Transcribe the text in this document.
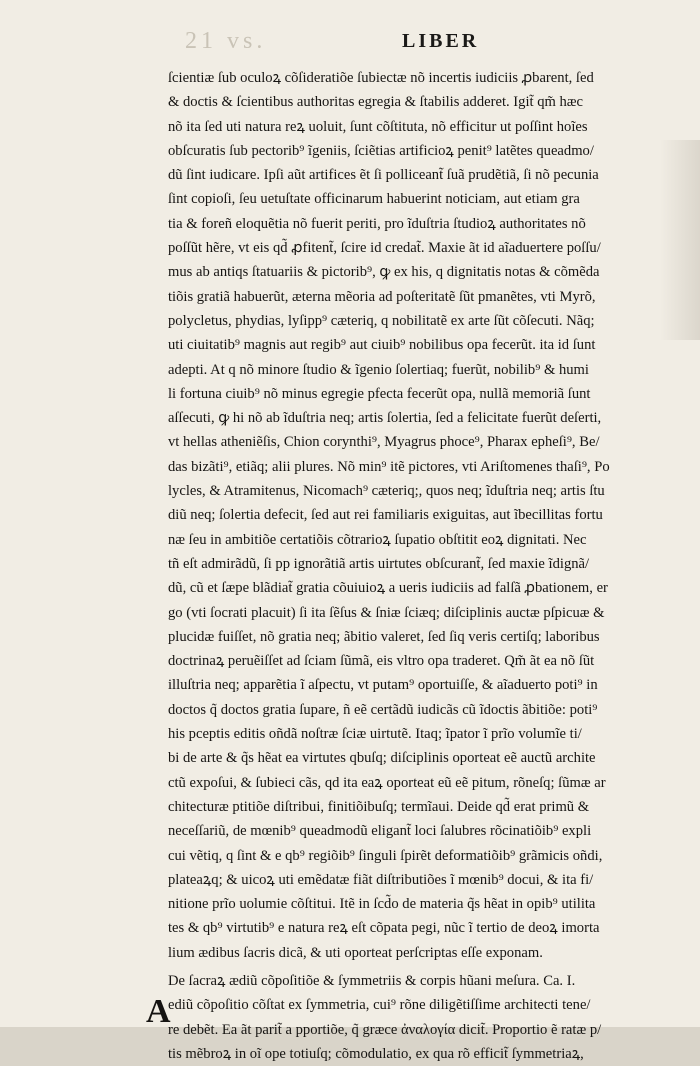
21 vs.	LIBER
ſcientiæ ſub oculoꝝ cõſideratiõe ſubiectæ nõ incertis iudiciis ꝓbarent, ſed
& doctis & ſcientibus authoritas egregia & ſtabilis adderet. Igit̃ qm̃ hæc
nõ ita ſed uti natura reꝝ uoluit, ſunt cõſtituta, nõ efficitur ut poſſint hoĩes
obſcuratis ſub pectorib⁹ ĩgeniis, ſciẽtias artificioꝝ penit⁹ latẽtes queadmo/
dũ ſint iudicare. Ipſi aũt artifices ẽt ſi polliceant̃ ſuã prudẽtiã, ſi nõ pecunia
ſint copioſi, ſeu uetuſtate officinarum habuerint noticiam, aut etiam gra
tia & foreñ eloquẽtia nõ fuerit periti, pro ĩduſtria ſtudioꝝ authoritates nõ
poſſũt hẽre, vt eis qd̃ ꝓfitent̃, ſcire id credat̃. Maxie ãt id aĩaduertere poſſu/
mus ab antiqs ſtatuariis & pictorib⁹, ꝙ ex his, q dignitatis notas & cõmẽda
tiõis gratiã habuerũt, æterna mẽoria ad poſteritatẽ ſũt pmanẽtes, vti Myrõ,
polycletus, phydias, lyſipp⁹ cæteriq, q nobilitatẽ ex arte ſũt cõſecuti. Nãq;
uti ciuitatib⁹ magnis aut regib⁹ aut ciuib⁹ nobilibus opa fecerũt. ita id ſunt
adepti. At q nõ minore ſtudio & ĩgenio ſolertiaq; fuerũt, nobilib⁹ & humi
li fortuna ciuib⁹ nõ minus egregie pfecta fecerũt opa, nullã memoriã ſunt
aſſecuti, ꝙ hi nõ ab ĩduſtria neq; artis ſolertia, ſed a felicitate fuerũt deſerti,
vt hellas atheniẽſis, Chion corynthi⁹, Myagrus phoce⁹, Pharax epheſi⁹, Be/
das bizãti⁹, etiãq; alii plures. Nõ min⁹ itẽ pictores, vti Ariſtomenes thaſi⁹, Po
lycles, & Atramitenus, Nicomach⁹ cæteriq;, quos neq; ĩduſtria neq; artis ſtu
diũ neq; ſolertia defecit, ſed aut rei familiaris exiguitas, aut ĩbecillitas fortu
næ ſeu in ambitiõe certatiõis cõtrarioꝝ ſupatio obſtitit eoꝝ dignitati. Nec
tñ eſt admirãdũ, ſi pp ignorãtiã artis uirtutes obſcurant̃, ſed maxie ĩdignã/
dũ, cũ et ſæpe blãdiat̃ gratia cõuiuioꝝ a ueris iudiciis ad falſã ꝓbationem, er
go (vti ſocrati placuit) ſi ita ſẽſus & ſniæ ſciæq; diſciplinis auctæ pſpicuæ &
plucidæ fuiſſet, nõ gratia neq; ãbitio valeret, ſed ſiq veris certiſq; laboribus
doctrinaꝝ peruẽiſſet ad ſciam ſũmã, eis vltro opa traderet. Qm̃ ãt ea nõ ſũt
illuſtria neq; apparẽtia ĩ aſpectu, vt putam⁹ oportuiſſe, & aĩaduerto poti⁹ in
doctos q̃ doctos gratia ſupare, ñ eẽ certãdũ iudicãs cũ ĩdoctis ãbitiõe: poti⁹
his pceptis editis oñdã noſtræ ſciæ uirtutẽ. Itaq; ĩpator ĩ prĩo volumĩe ti/
bi de arte & q̃s hẽat ea virtutes qbuſq; diſciplinis oporteat eẽ auctũ archite
ctũ expoſui, & ſubieci cãs, qd ita eaꝝ oporteat eũ eẽ pitum, rõneſq; ſũmæ ar
chitecturæ ptitiõe diſtribui, finitiõibuſq; termĩaui. Deide qd̃ erat primũ &
neceſſariũ, de mœnib⁹ queadmodũ eligant̃ loci ſalubres rõcinatiõib⁹ expli
cui vẽtiq, q ſint & e qb⁹ regiõib⁹ ſinguli ſpirẽt deformatiõib⁹ grãmicis oñdi,
plateaꝝq; & uicoꝝ uti emẽdatæ fiãt diſtributiões ĩ mœnib⁹ docui, & ita fi/
nitione prĩo uolumie cõſtitui. Itẽ in ſcd̃o de materia q̃s hẽat in opib⁹ utilita
tes & qb⁹ virtutib⁹ e natura reꝝ eſt cõpata pegi, nũc ĩ tertio de deoꝝ imorta
lium ædibus ſacris dicã, & uti oporteat perſcriptas eſſe exponam.
De ſacraꝝ ædiũ cõpoſitiõe & ſymmetriis & corpis hũani meſura. Ca. I.
A
ediũ cõpoſitio cõſtat ex ſymmetria, cui⁹ rõne diligẽtiſſime architecti tene/
re debẽt. Ea ãt parit̃ a pportiõe, q̃ græce ἀναλογία dicit̃. Proportio ẽ ratæ p/
tis mẽbroꝝ in oĩ ope totiuſq; cõmodulatio, ex qua rõ efficit̃ ſymmetriaꝝ,
